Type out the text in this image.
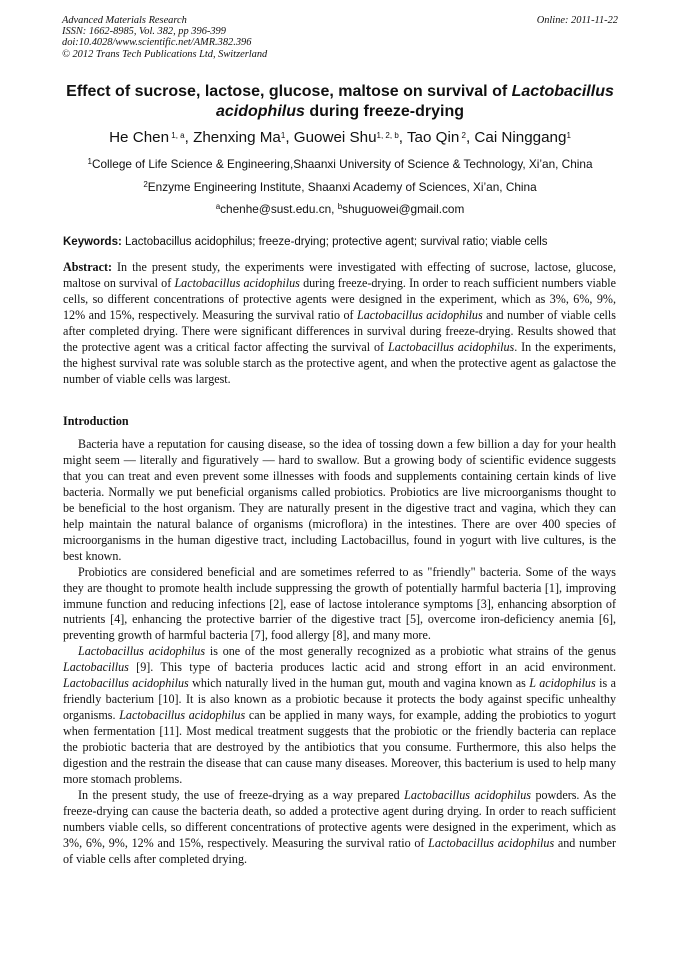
Advanced Materials Research
ISSN: 1662-8985, Vol. 382, pp 396-399
doi:10.4028/www.scientific.net/AMR.382.396
© 2012 Trans Tech Publications Ltd, Switzerland
Online: 2011-11-22
Effect of sucrose, lactose, glucose, maltose on survival of Lactobacillus acidophilus during freeze-drying
He Chen $^{1, a}$, Zhenxing Ma$^1$, Guowei Shu$^{1, 2, b}$, Tao Qin $^2$, Cai Ninggang$^1$
$^1$College of Life Science & Engineering,Shaanxi University of Science & Technology, Xi’an, China
$^2$Enzyme Engineering Institute, Shaanxi Academy of Sciences, Xi’an, China
$^a$chenhe@sust.edu.cn, $^b$shuguowei@gmail.com
Keywords: Lactobacillus acidophilus; freeze-drying; protective agent; survival ratio; viable cells

Abstract: In the present study, the experiments were investigated with effecting of sucrose, lactose, glucose, maltose on survival of Lactobacillus acidophilus during freeze-drying. In order to reach sufficient numbers viable cells, so different concentrations of protective agents were designed in the experiment, which as 3%, 6%, 9%, 12% and 15%, respectively. Measuring the survival ratio of Lactobacillus acidophilus and number of viable cells after completed drying. There were significant differences in survival during freeze-drying. Results showed that the protective agent was a critical factor affecting the survival of Lactobacillus acidophilus. In the experiments, the highest survival rate was soluble starch as the protective agent, and when the protective agent as galactose the number of viable cells was largest.

Introduction

Bacteria have a reputation for causing disease, so the idea of tossing down a few billion a day for your health might seem — literally and figuratively — hard to swallow. But a growing body of scientific evidence suggests that you can treat and even prevent some illnesses with foods and supplements containing certain kinds of live bacteria. Normally we put beneficial organisms called probiotics. Probiotics are live microorganisms thought to be beneficial to the host organism. They are naturally present in the digestive tract and vagina, which they can help maintain the natural balance of organisms (microflora) in the intestines. There are over 400 species of microorganisms in the human digestive tract, including Lactobacillus, found in yogurt with live cultures, is the best known.

Probiotics are considered beneficial and are sometimes referred to as "friendly" bacteria. Some of the ways they are thought to promote health include suppressing the growth of potentially harmful bacteria [1], improving immune function and reducing infections [2], ease of lactose intolerance symptoms [3], enhancing absorption of nutrients [4], enhancing the protective barrier of the digestive tract [5], overcome iron-deficiency anemia [6], preventing growth of harmful bacteria [7], food allergy [8], and many more.

Lactobacillus acidophilus is one of the most generally recognized as a probiotic what strains of the genus Lactobacillus [9]. This type of bacteria produces lactic acid and strong effort in an acid environment. Lactobacillus acidophilus which naturally lived in the human gut, mouth and vagina known as L acidophilus is a friendly bacterium [10]. It is also known as a probiotic because it protects the body against specific unhealthy organisms. Lactobacillus acidophilus can be applied in many ways, for example, adding the probiotics to yogurt when fermentation [11]. Most medical treatment suggests that the probiotic or the friendly bacteria can replace the probiotic bacteria that are destroyed by the antibiotics that you consume. Furthermore, this also helps the digestion and the restrain the disease that can cause many diseases. Moreover, this bacterium is used to help many more stomach problems.

In the present study, the use of freeze-drying as a way prepared Lactobacillus acidophilus powders. As the freeze-drying can cause the bacteria death, so added a protective agent during drying. In order to reach sufficient numbers viable cells, so different concentrations of protective agents were designed in the experiment, which as 3%, 6%, 9%, 12% and 15%, respectively. Measuring the survival ratio of Lactobacillus acidophilus and number of viable cells after completed drying.
